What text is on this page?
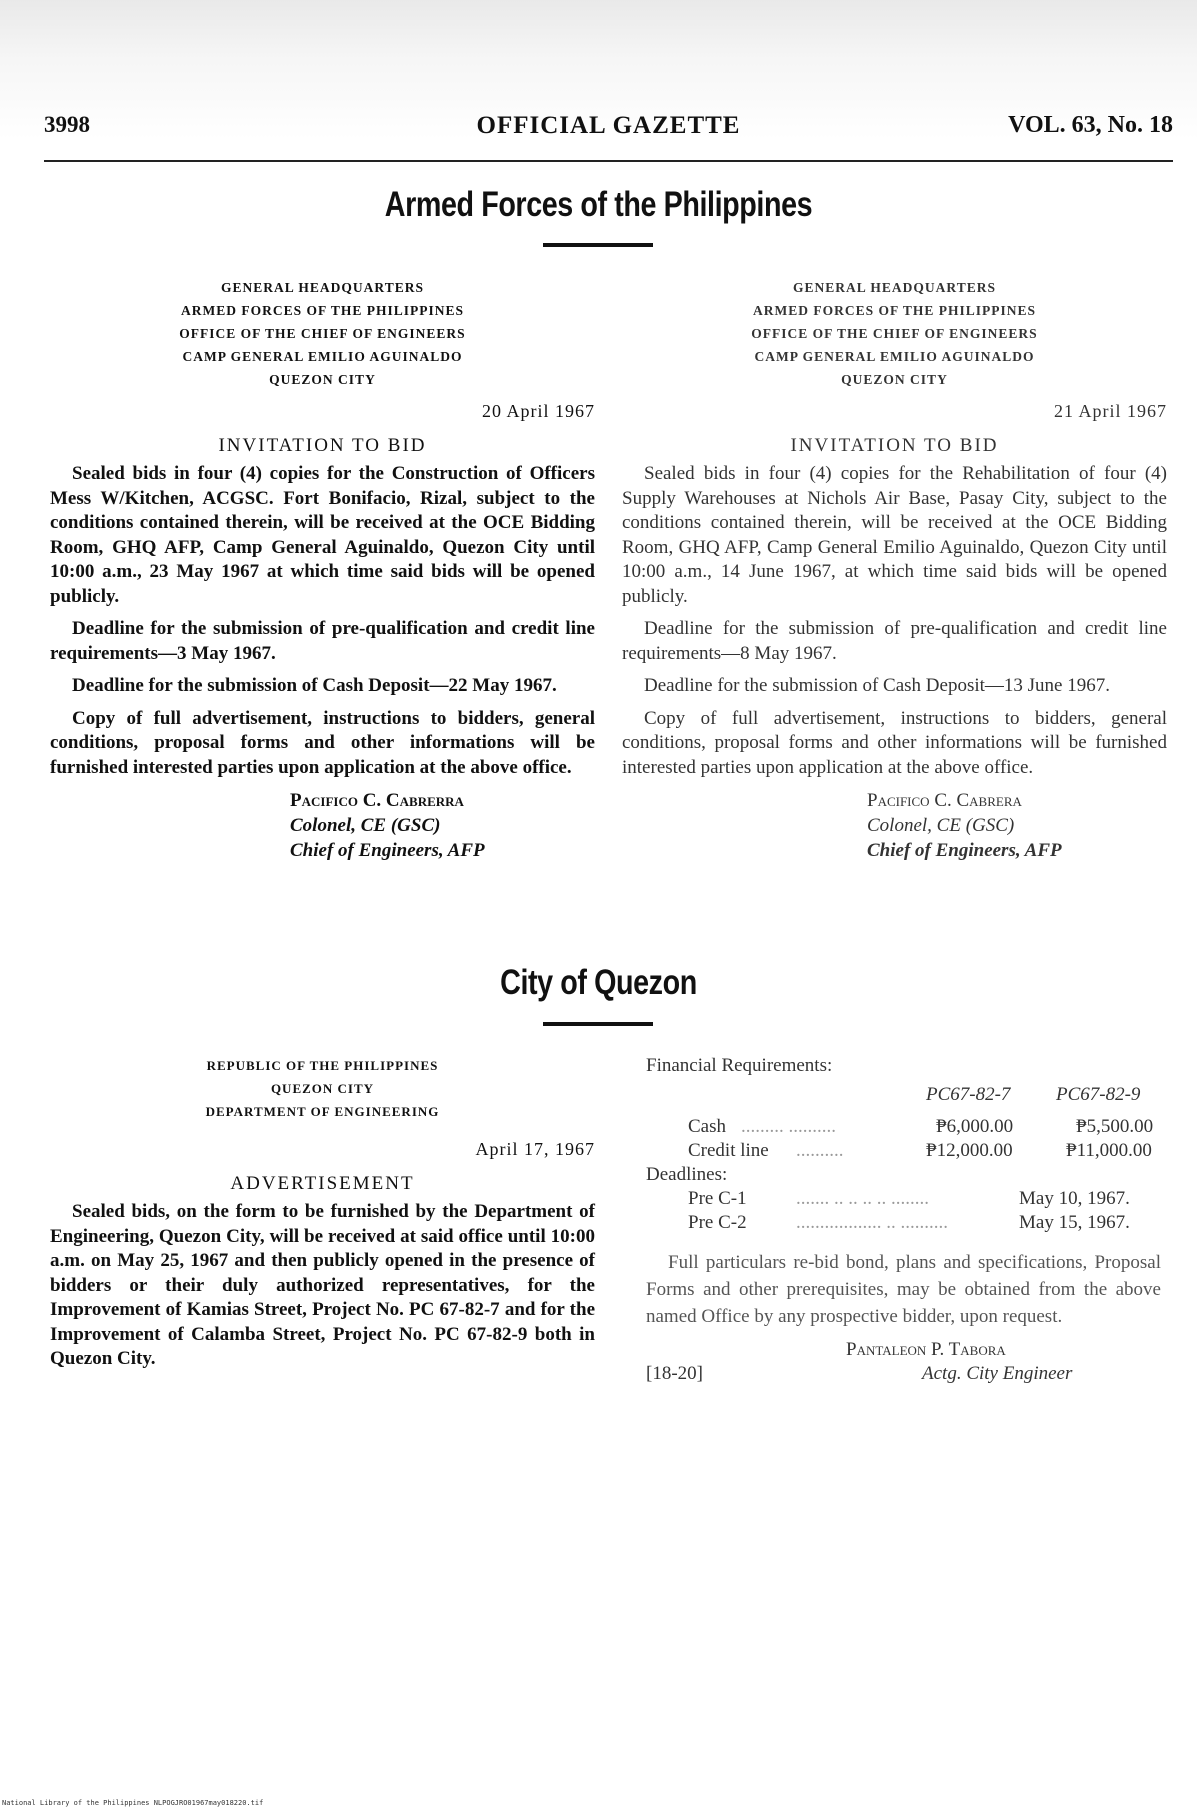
3998	OFFICIAL GAZETTE	VOL. 63, No. 18
Armed Forces of the Philippines
GENERAL HEADQUARTERS
ARMED FORCES OF THE PHILIPPINES
OFFICE OF THE CHIEF OF ENGINEERS
CAMP GENERAL EMILIO AGUINALDO
QUEZON CITY
20 April 1967
INVITATION TO BID

Sealed bids in four (4) copies for the Construction of Officers Mess W/Kitchen, ACGSC. Fort Bonifacio, Rizal, subject to the conditions contained therein, will be received at the OCE Bidding Room, GHQ AFP, Camp General Aguinaldo, Quezon City until 10:00 a.m., 23 May 1967 at which time said bids will be opened publicly.

Deadline for the submission of pre-qualification and credit line requirements—3 May 1967.

Deadline for the submission of Cash Deposit—22 May 1967.

Copy of full advertisement, instructions to bidders, general conditions, proposal forms and other informations will be furnished interested parties upon application at the above office.

Pacifico C. Cabrerra
Colonel, CE (GSC)
Chief of Engineers, AFP
GENERAL HEADQUARTERS
ARMED FORCES OF THE PHILIPPINES
OFFICE OF THE CHIEF OF ENGINEERS
CAMP GENERAL EMILIO AGUINALDO
QUEZON CITY
21 April 1967
INVITATION TO BID

Sealed bids in four (4) copies for the Rehabilitation of four (4) Supply Warehouses at Nichols Air Base, Pasay City, subject to the conditions contained therein, will be received at the OCE Bidding Room, GHQ AFP, Camp General Emilio Aguinaldo, Quezon City until 10:00 a.m., 14 June 1967, at which time said bids will be opened publicly.

Deadline for the submission of pre-qualification and credit line requirements—8 May 1967.

Deadline for the submission of Cash Deposit—13 June 1967.

Copy of full advertisement, instructions to bidders, general conditions, proposal forms and other informations will be furnished interested parties upon application at the above office.

Pacifico C. Cabrera
Colonel, CE (GSC)
Chief of Engineers, AFP
City of Quezon
REPUBLIC OF THE PHILIPPINES
QUEZON CITY
DEPARTMENT OF ENGINEERING
April 17, 1967
ADVERTISEMENT

Sealed bids, on the form to be furnished by the Department of Engineering, Quezon City, will be received at said office until 10:00 a.m. on May 25, 1967 and then publicly opened in the presence of bidders or their duly authorized representatives, for the Improvement of Kamias Street, Project No. PC 67-82-7 and for the Improvement of Calamba Street, Project No. PC 67-82-9 both in Quezon City.

Financial Requirements:
PC67-82-7 PC67-82-9
Cash ......... ..........	₱6,000.00	₱5,500.00
Credit line ..........	₱12,000.00	₱11,000.00
Deadlines:
Pre C-1	....... .. .. .. .. ........	May 10, 1967.
Pre C-2	.................. .. ..........	May 15, 1967.

Full particulars re-bid bond, plans and specifications, Proposal Forms and other prerequisites, may be obtained from the above named Office by any prospective bidder, upon request.

Pantaleon P. Tabora
[18-20]	Actg. City Engineer
National Library of the Philippines NLPOGJRO01967may018220.tif
